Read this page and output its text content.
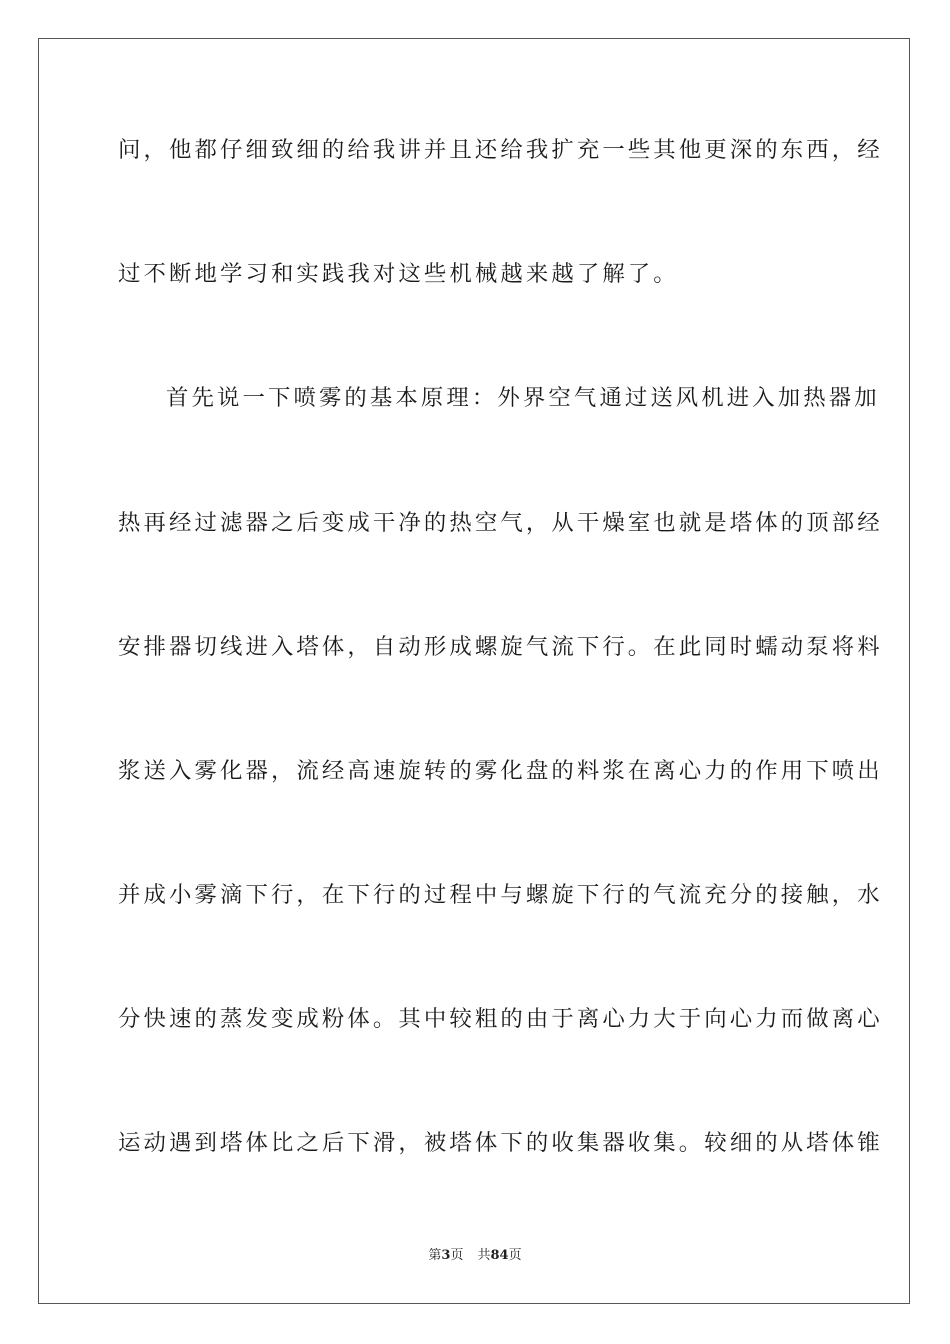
问，他都仔细致细的给我讲并且还给我扩充一些其他更深的东西，经
过不断地学习和实践我对这些机械越来越了解了。
首先说一下喷雾的基本原理：外界空气通过送风机进入加热器加
热再经过滤器之后变成干净的热空气，从干燥室也就是塔体的顶部经
安排器切线进入塔体，自动形成螺旋气流下行。在此同时蠕动泵将料
浆送入雾化器，流经高速旋转的雾化盘的料浆在离心力的作用下喷出
并成小雾滴下行，在下行的过程中与螺旋下行的气流充分的接触，水
分快速的蒸发变成粉体。其中较粗的由于离心力大于向心力而做离心
运动遇到塔体比之后下滑，被塔体下的收集器收集。较细的从塔体锥
第3页 共84页
